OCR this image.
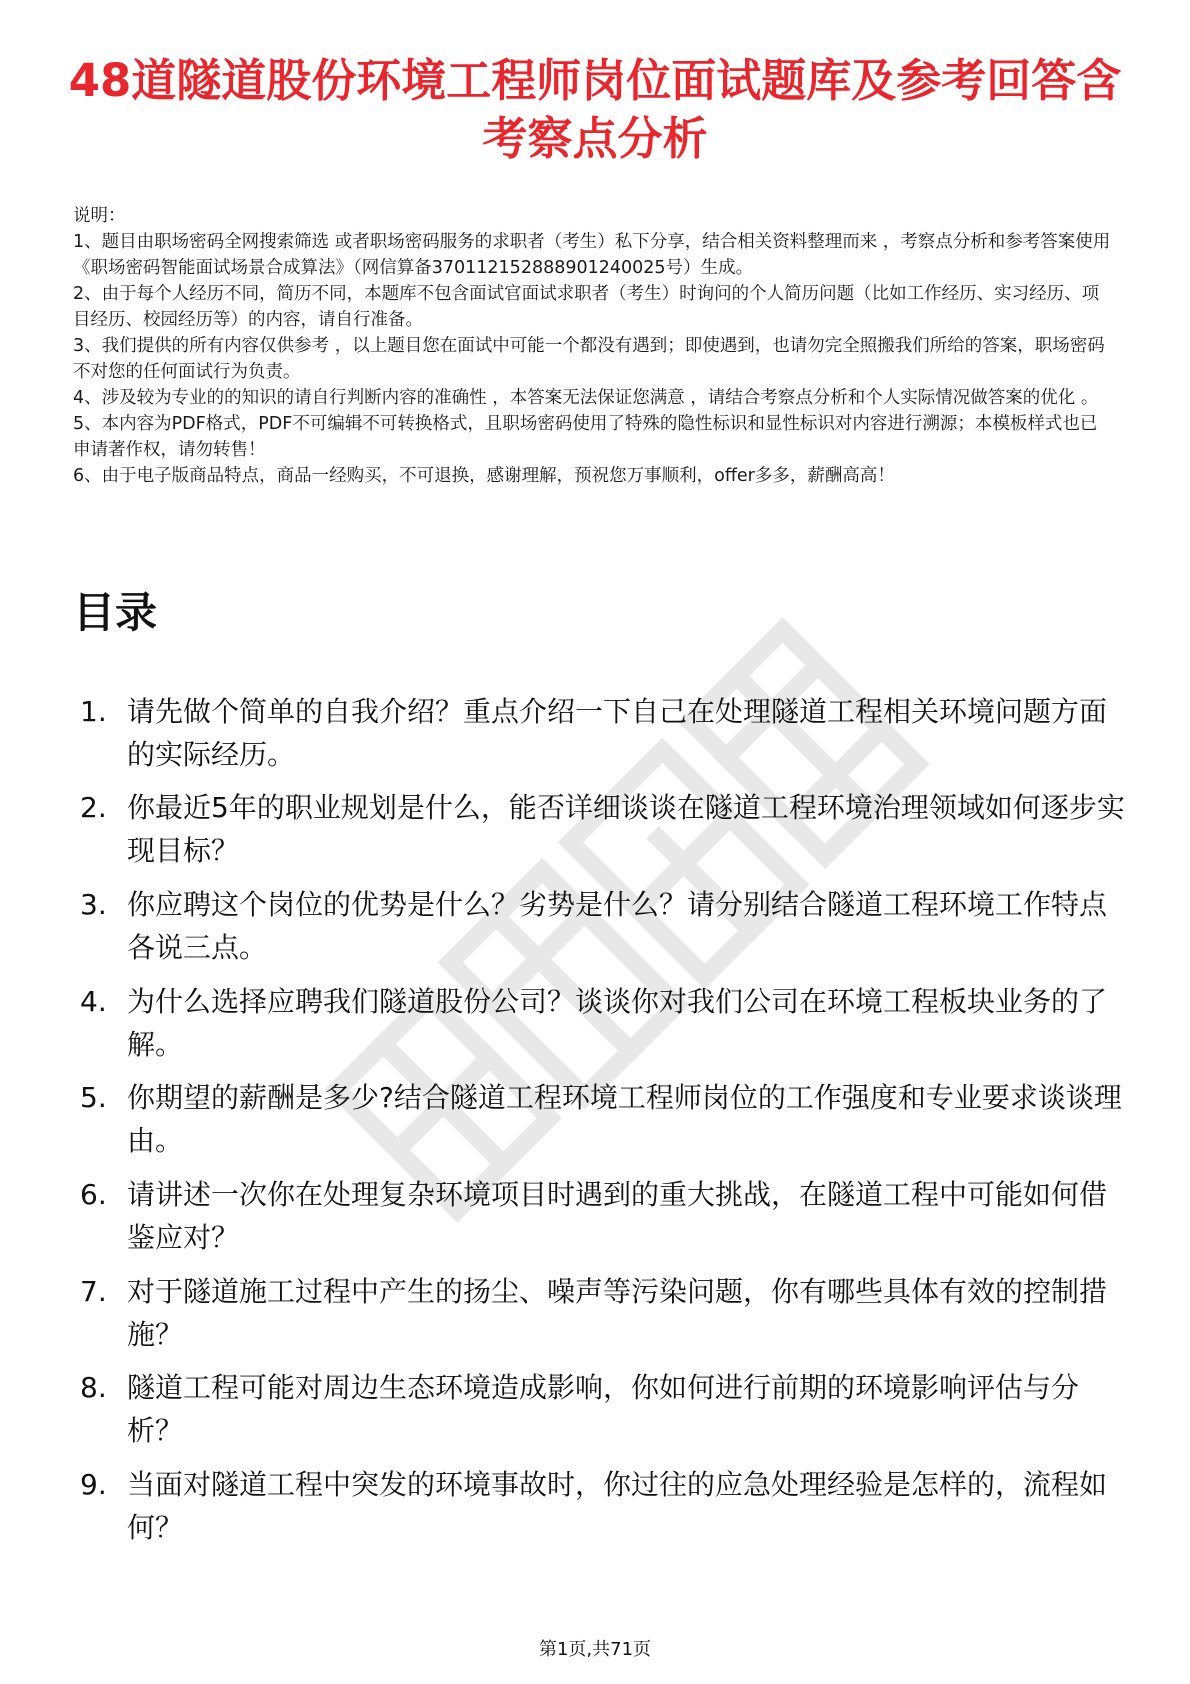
48道隧道股份环境工程师岗位面试题库及参考回答含考察点分析

说明：

1、题目由职场密码全网搜索筛选 或者职场密码服务的求职者（考生）私下分享，结合相关资料整理而来 ，考察点分析和参考答案使用《职场密码智能面试场景合成算法》（网信算备370112152888901240025号）生成。

2、由于每个人经历不同，简历不同，本题库不包含面试官面试求职者（考生）时询问的个人简历问题（比如工作经历、实习经历、项目经历、校园经历等）的内容，请自行准备。

3、我们提供的所有内容仅供参考 ，以上题目您在面试中可能一个都没有遇到；即使遇到，也请勿完全照搬我们所给的答案，职场密码不对您的任何面试行为负责。

4、涉及较为专业的的知识的请自行判断内容的准确性 ，本答案无法保证您满意 ，请结合考察点分析和个人实际情况做答案的优化 。

5、本内容为PDF格式，PDF不可编辑不可转换格式，且职场密码使用了特殊的隐性标识和显性标识对内容进行溯源；本模板样式也已申请著作权，请勿转售！

6、由于电子版商品特点，商品一经购买，不可退换，感谢理解，预祝您万事顺利，offer多多，薪酬高高！

目录
1. 请先做个简单的自我介绍？重点介绍一下自己在处理隧道工程相关环境问题方面的实际经历。
2. 你最近5年的职业规划是什么，能否详细谈谈在隧道工程环境治理领域如何逐步实现目标？
3. 你应聘这个岗位的优势是什么？劣势是什么？请分别结合隧道工程环境工作特点各说三点。
4. 为什么选择应聘我们隧道股份公司？谈谈你对我们公司在环境工程板块业务的了解。
5. 你期望的薪酬是多少?结合隧道工程环境工程师岗位的工作强度和专业要求谈谈理由。
6. 请讲述一次你在处理复杂环境项目时遇到的重大挑战，在隧道工程中可能如何借鉴应对？
7. 对于隧道施工过程中产生的扬尘、噪声等污染问题，你有哪些具体有效的控制措施？
8. 隧道工程可能对周边生态环境造成影响，你如何进行前期的环境影响评估与分析？
9. 当面对隧道工程中突发的环境事故时，你过往的应急处理经验是怎样的，流程如何？
第1页,共71页
